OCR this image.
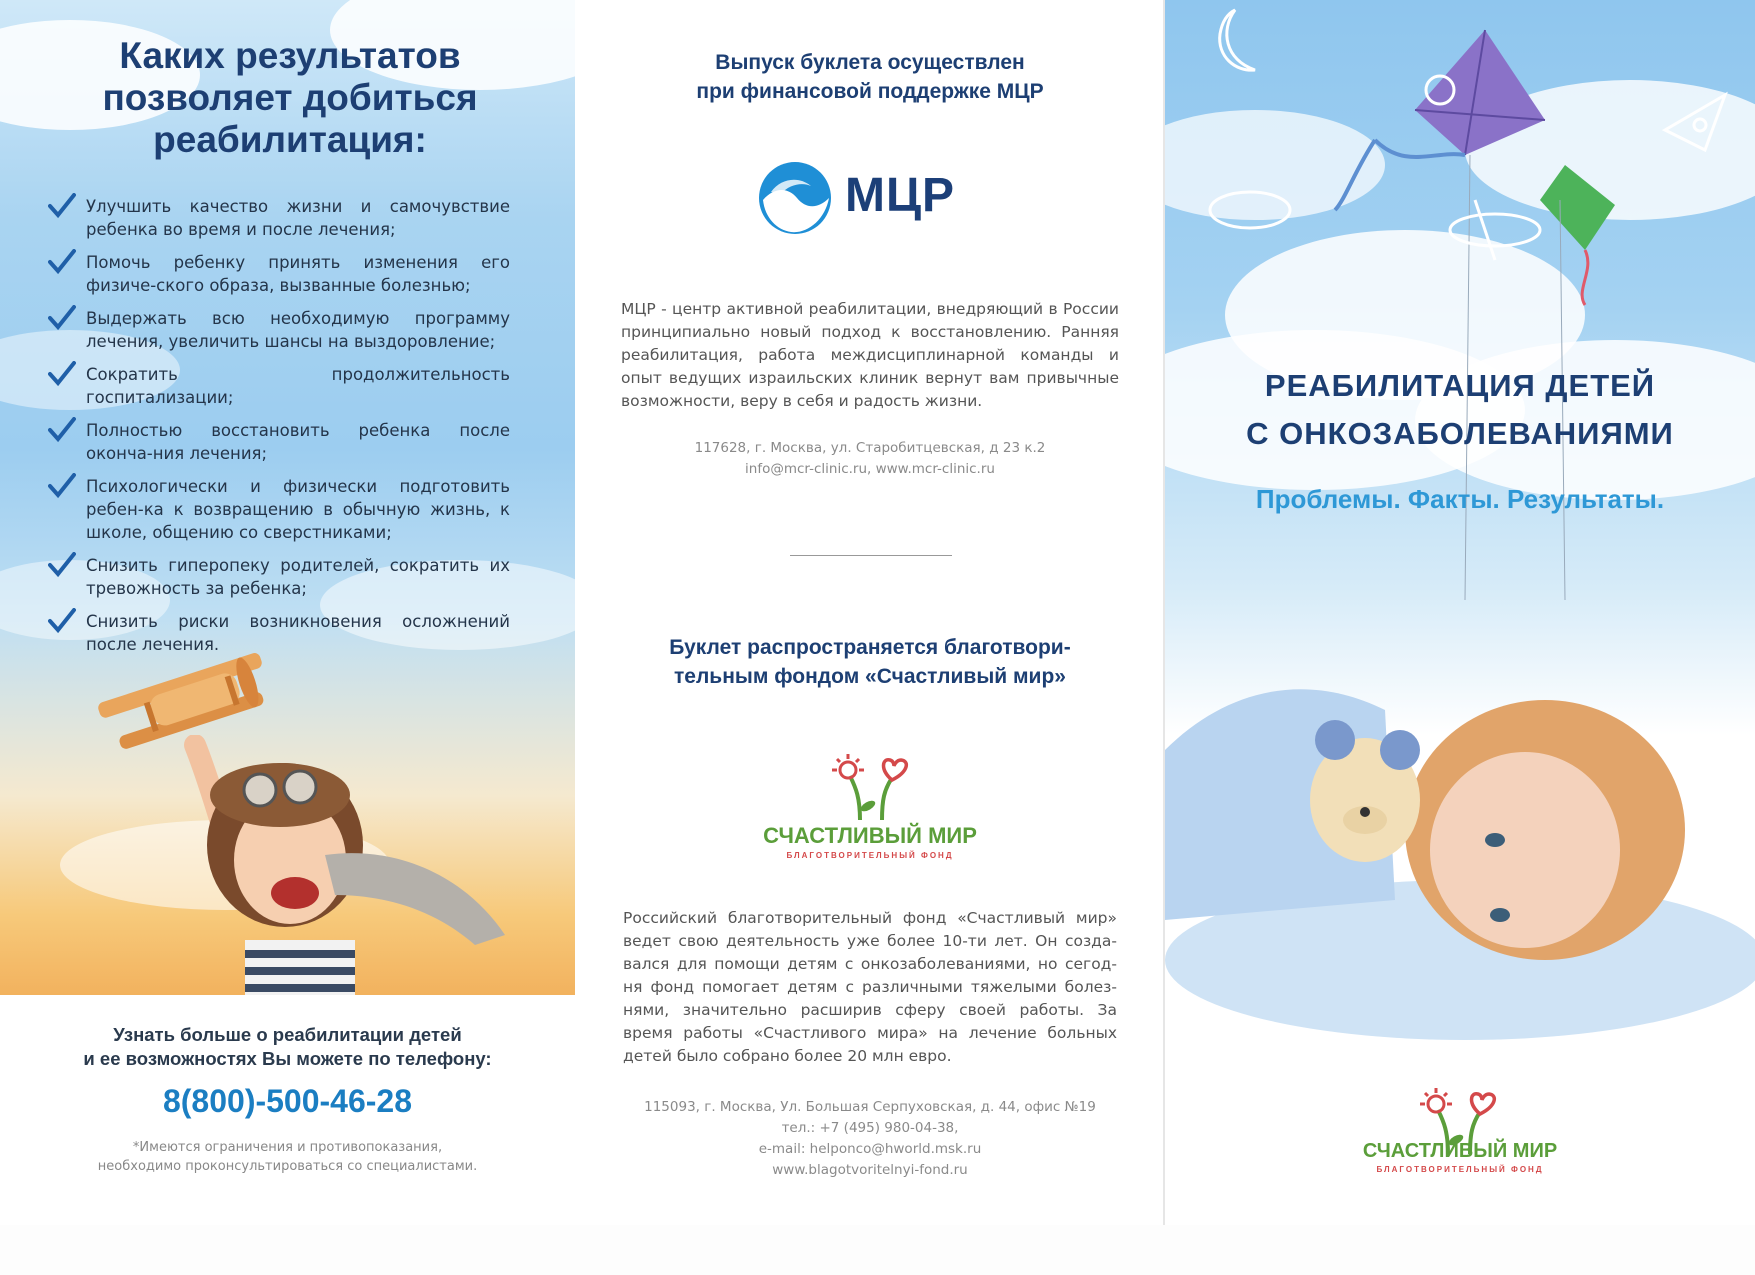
Каких результатов позволяет добиться реабилитация:
Улучшить качество жизни и самочувствие ребенка во время и после лечения;
Помочь ребенку принять изменения его физиче-ского образа, вызванные болезнью;
Выдержать всю необходимую программу лечения, увеличить шансы на выздоровление;
Сократить продолжительность госпитализации;
Полностью восстановить ребенка после оконча-ния лечения;
Психологически и физически подготовить ребен-ка к возвращению в обычную жизнь, к школе, общению со сверстниками;
Снизить гиперопеку родителей, сократить их тревожность за ребенка;
Снизить риски возникновения осложнений после лечения.
Узнать больше о реабилитации детей
и ее возможностях Вы можете по телефону:
8(800)-500-46-28
*Имеются ограничения и противопоказания,
необходимо проконсультироваться со специалистами.
Выпуск буклета осуществлен
при финансовой поддержке МЦР
МЦР
МЦР - центр активной реабилитации, внедряющий в России принципиально новый подход к восстановлению. Ранняя реабилитация, работа междисциплинарной команды и опыт ведущих израильских клиник вернут вам привычные возможности, веру в себя и радость жизни.
117628, г. Москва, ул. Старобитцевская, д 23 к.2
info@mcr-clinic.ru, www.mcr-clinic.ru
Буклет распространяется благотвори-
тельным фондом «Счастливый мир»
СЧАСТЛИВЫЙ МИР
БЛАГОТВОРИТЕЛЬНЫЙ ФОНД
Российский благотворительный фонд «Счастливый мир» ведет свою деятельность уже более 10-ти лет. Он созда-вался для помощи детям с онкозаболеваниями, но сегод-ня фонд помогает детям с различными тяжелыми болез-нями, значительно расширив сферу своей работы. За время работы «Счастливого мира» на лечение больных детей было собрано более 20 млн евро.
115093, г. Москва, Ул. Большая Серпуховская, д. 44, офис №19
тел.: +7 (495) 980-04-38,
e-mail: helponco@hworld.msk.ru
www.blagotvoritelnyi-fond.ru
РЕАБИЛИТАЦИЯ ДЕТЕЙ
С ОНКОЗАБОЛЕВАНИЯМИ
Проблемы. Факты. Результаты.
СЧАСТЛИВЫЙ МИР
БЛАГОТВОРИТЕЛЬНЫЙ ФОНД
